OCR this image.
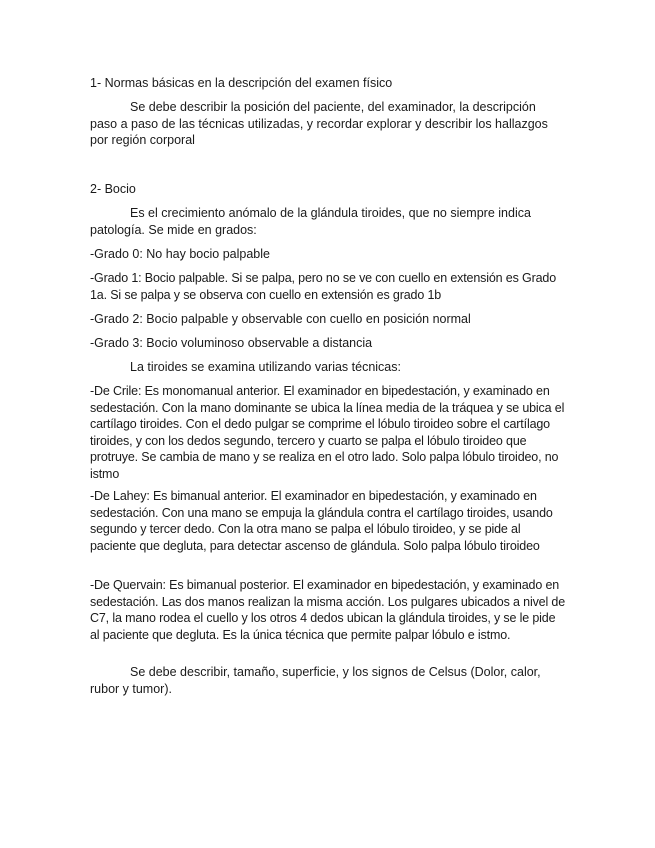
1- Normas básicas en la descripción del examen físico

Se debe describir la posición del paciente, del examinador, la descripción paso a paso de las técnicas utilizadas, y recordar explorar y describir los hallazgos por región corporal

2- Bocio

Es el crecimiento anómalo de la glándula tiroides, que no siempre indica patología. Se mide en grados:

-Grado 0: No hay bocio palpable

-Grado 1: Bocio palpable. Si se palpa, pero no se ve con cuello en extensión es Grado 1a. Si se palpa y se observa con cuello en extensión es grado 1b

-Grado 2: Bocio palpable y observable con cuello en posición normal

-Grado 3: Bocio voluminoso observable a distancia

La tiroides se examina utilizando varias técnicas:

-De Crile: Es monomanual anterior. El examinador en bipedestación, y examinado en sedestación. Con la mano dominante se ubica la línea media de la tráquea y se ubica el cartílago tiroides. Con el dedo pulgar se comprime el lóbulo tiroideo sobre el cartílago tiroides, y con los dedos segundo, tercero y cuarto se palpa el lóbulo tiroideo que protruye. Se cambia de mano y se realiza en el otro lado. Solo palpa lóbulo tiroideo, no istmo

-De Lahey: Es bimanual anterior. El examinador en bipedestación, y examinado en sedestación. Con una mano se empuja la glándula contra el cartílago tiroides, usando segundo y tercer dedo. Con la otra mano se palpa el lóbulo tiroideo, y se pide al paciente que degluta, para detectar ascenso de glándula. Solo palpa lóbulo tiroideo

-De Quervain: Es bimanual posterior. El examinador en bipedestación, y examinado en sedestación. Las dos manos realizan la misma acción. Los pulgares ubicados a nivel de C7, la mano rodea el cuello y los otros 4 dedos ubican la glándula tiroides, y se le pide al paciente que degluta. Es la única técnica que permite palpar lóbulo e istmo.

Se debe describir, tamaño, superficie, y los signos de Celsus (Dolor, calor, rubor y tumor).
